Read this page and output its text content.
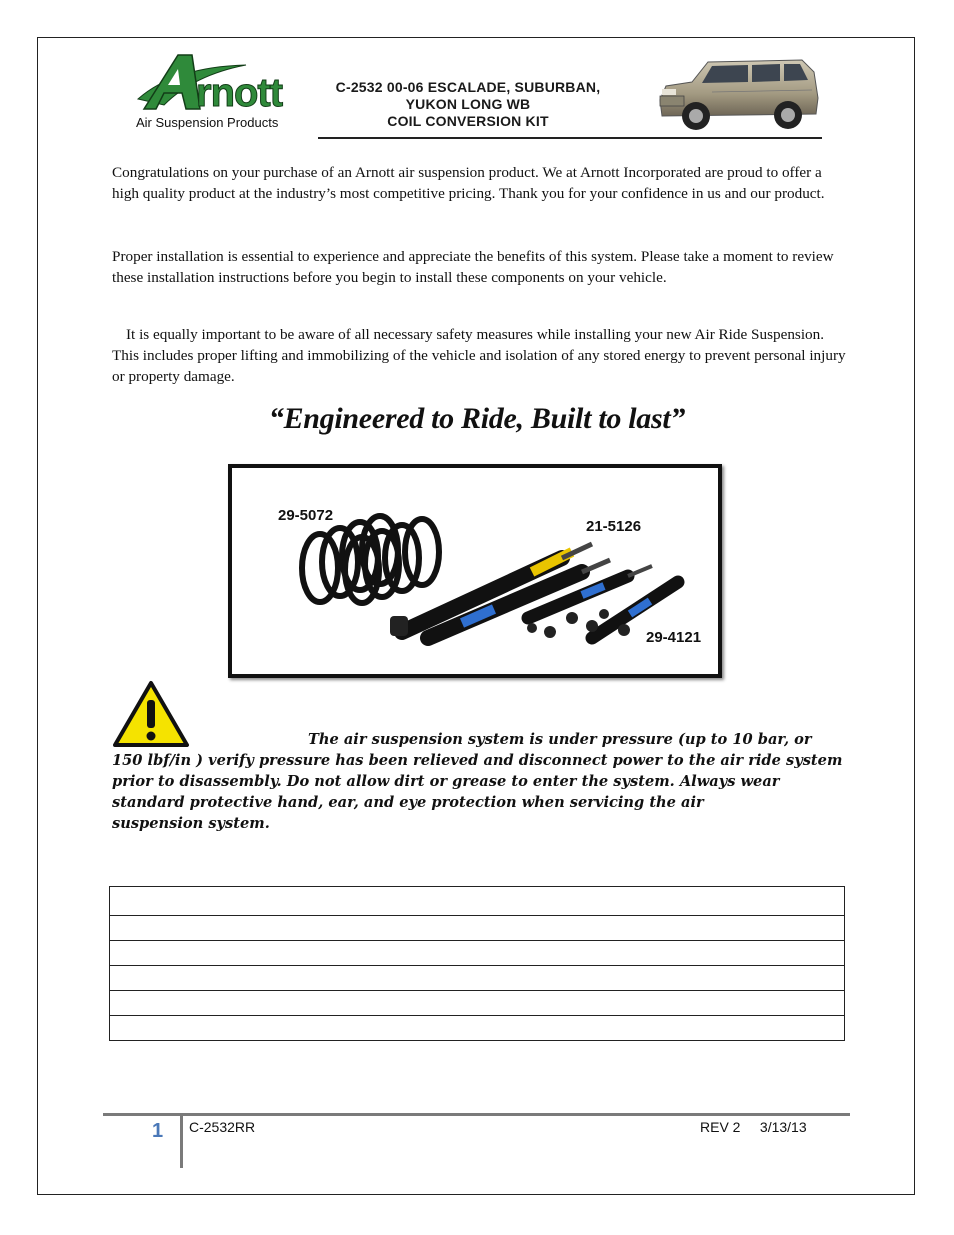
rnott
Air Suspension Products
C-2532 00-06 ESCALADE, SUBURBAN,
YUKON LONG WB
COIL CONVERSION KIT
Congratulations on your purchase of an Arnott air suspension product. We at Arnott Incorporated are proud to offer a high quality product at the industry’s most competitive pricing. Thank you for your confidence in us and our product.
Proper installation is essential to experience and appreciate the benefits of this system. Please take a moment to review these installation instructions before you begin to install these components on your vehicle.
It is equally important to be aware of all necessary safety measures while installing your new Air Ride Suspension. This includes proper lifting and immobilizing of the vehicle and isolation of any stored energy to prevent personal injury or property damage.
“Engineered to Ride, Built to last”
29-5072
21-5126
29-4121
The air suspension system is under pressure (up to 10 bar, or
150 lbf/in ) verify pressure has been relieved and disconnect power to the air ride system
prior to disassembly. Do not allow dirt or grease to enter the system. Always wear
standard protective hand, ear, and eye protection when servicing the air
suspension system.

1 C-2532RR	REV 2     3/13/13
